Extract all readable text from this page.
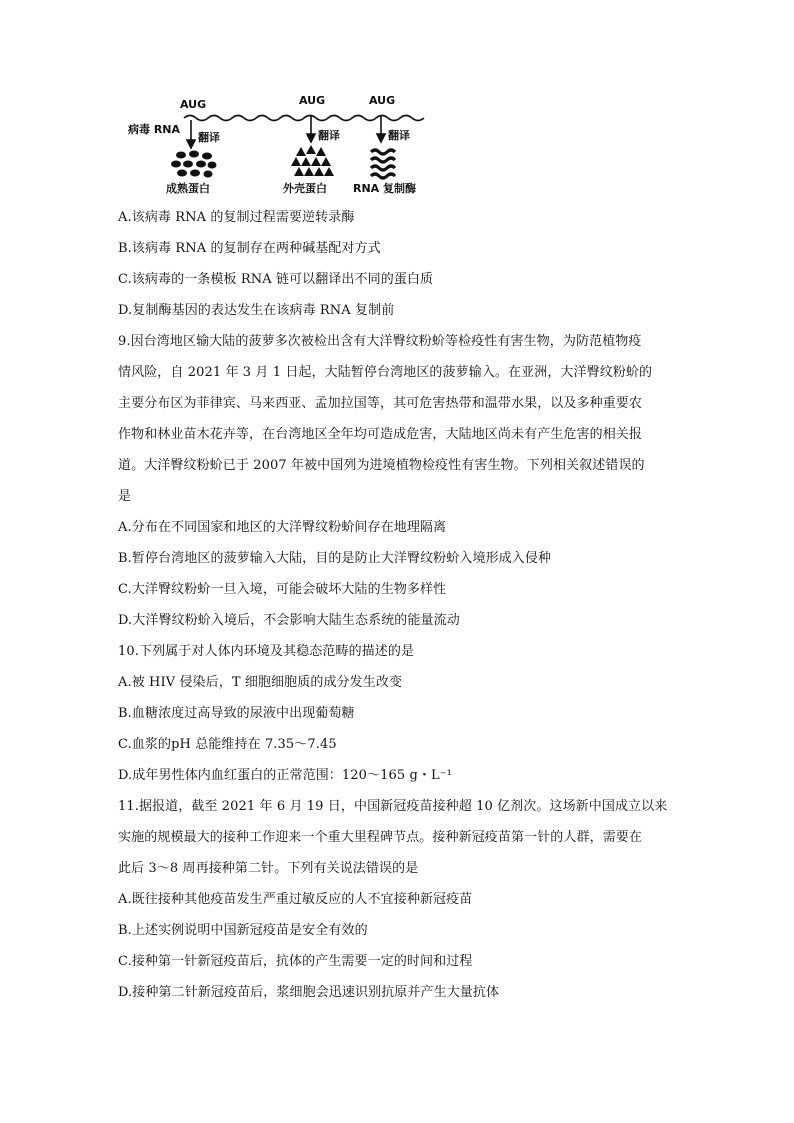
AUG	AUG	AUG
病毒 RNA
翻译	翻译	翻译
成熟蛋白	外壳蛋白 RNA 复制酶
A.该病毒 RNA 的复制过程需要逆转录酶
B.该病毒 RNA 的复制存在两种碱基配对方式
C.该病毒的一条模板 RNA 链可以翻译出不同的蛋白质
D.复制酶基因的表达发生在该病毒 RNA 复制前
9.因台湾地区输大陆的菠萝多次被检出含有大洋臀纹粉蚧等检疫性有害生物，为防范植物疫
情风险，自 2021 年 3 月 1 日起，大陆暂停台湾地区的菠萝输入。在亚洲，大洋臀纹粉蚧的
主要分布区为菲律宾、马来西亚、孟加拉国等，其可危害热带和温带水果，以及多种重要农
作物和林业苗木花卉等，在台湾地区全年均可造成危害，大陆地区尚未有产生危害的相关报
道。大洋臀纹粉蚧已于 2007 年被中国列为进境植物检疫性有害生物。下列相关叙述错误的
是
A.分布在不同国家和地区的大洋臀纹粉蚧间存在地理隔离
B.暂停台湾地区的菠萝输入大陆，目的是防止大洋臀纹粉蚧入境形成入侵种
C.大洋臀纹粉蚧一旦入境，可能会破坏大陆的生物多样性
D.大洋臀纹粉蚧入境后，不会影响大陆生态系统的能量流动
10.下列属于对人体内环境及其稳态范畴的描述的是
A.被 HIV 侵染后，T 细胞细胞质的成分发生改变
B.血糖浓度过高导致的尿液中出现葡萄糖
C.血浆的pH 总能维持在 7.35～7.45
D.成年男性体内血红蛋白的正常范围：120～165 g・L⁻¹
11.据报道，截至 2021 年 6 月 19 日，中国新冠疫苗接种超 10 亿剂次。这场新中国成立以来
实施的规模最大的接种工作迎来一个重大里程碑节点。接种新冠疫苗第一针的人群，需要在
此后 3～8 周再接种第二针。下列有关说法错误的是
A.既往接种其他疫苗发生严重过敏反应的人不宜接种新冠疫苗
B.上述实例说明中国新冠疫苗是安全有效的
C.接种第一针新冠疫苗后，抗体的产生需要一定的时间和过程
D.接种第二针新冠疫苗后，浆细胞会迅速识别抗原并产生大量抗体
